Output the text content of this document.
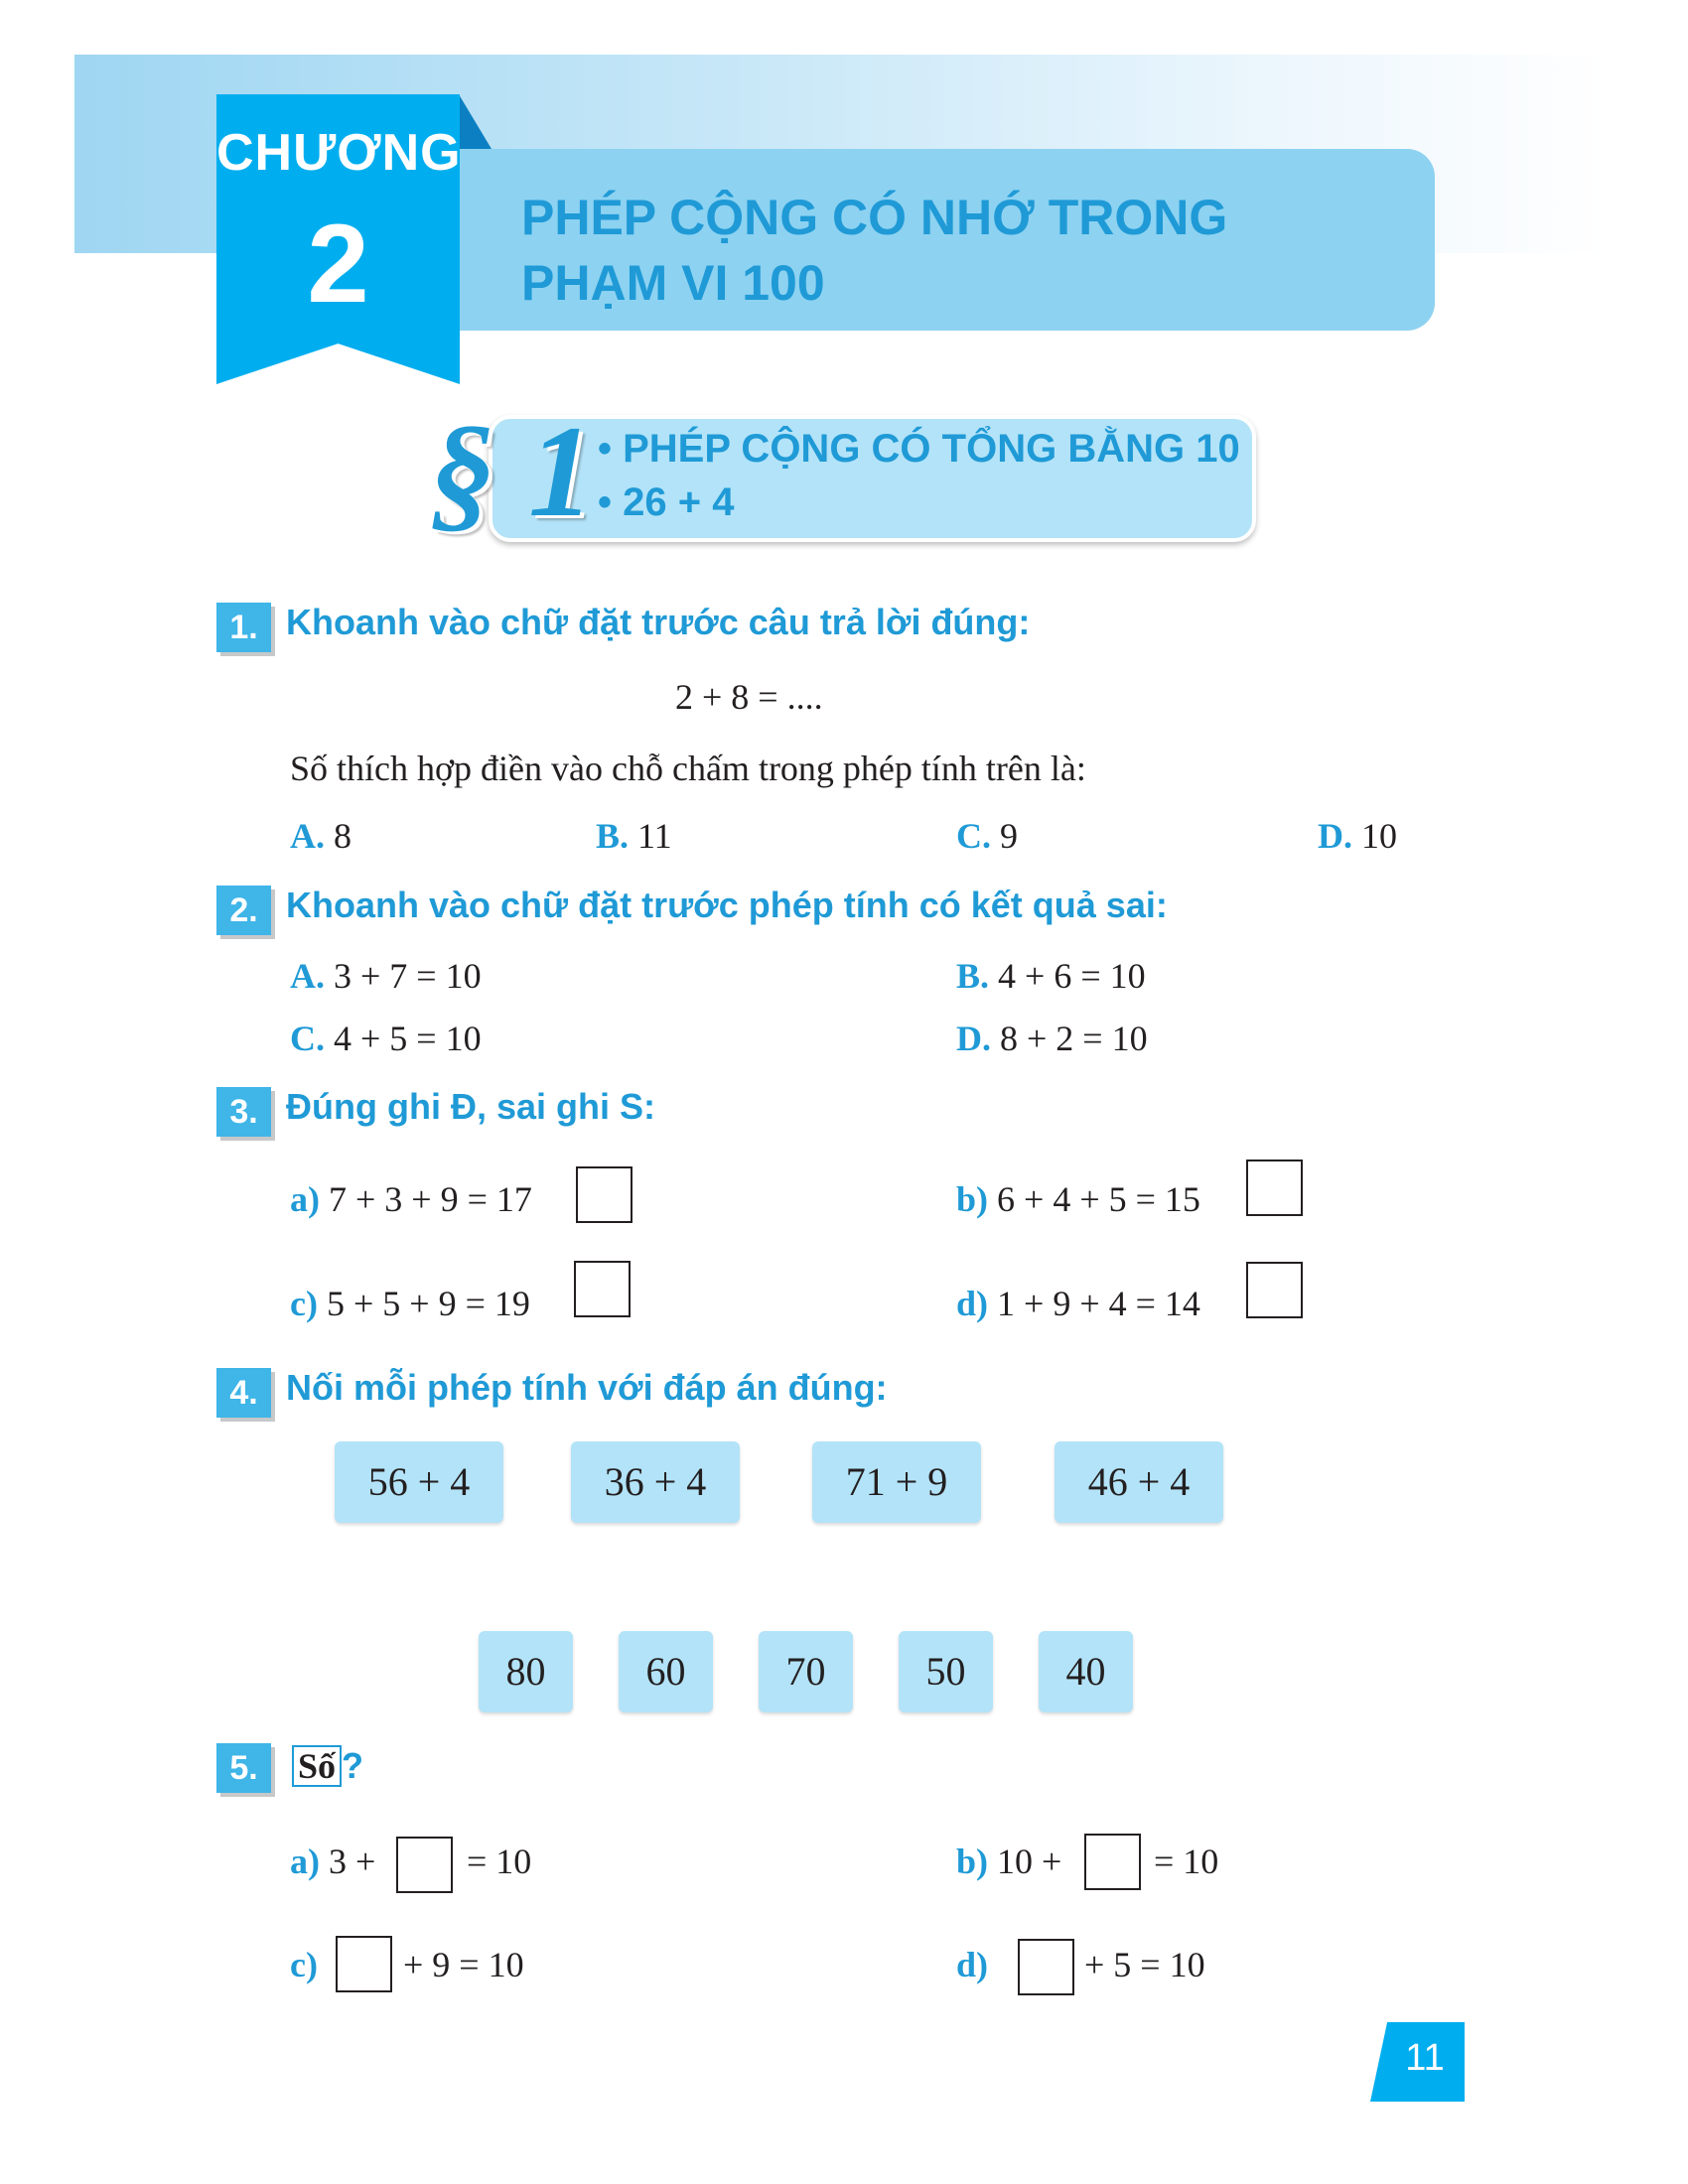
PHÉP CỘNG CÓ NHỚ TRONG
PHẠM VI 100
CHƯƠNG
2
§ 1 • PHÉP CỘNG CÓ TỔNG BẰNG 10
• 26 + 4
1. Khoanh vào chữ đặt trước câu trả lời đúng:
2 + 8 = ....
Số thích hợp điền vào chỗ chấm trong phép tính trên là:
A. 8	B. 11	C. 9	D. 10
2. Khoanh vào chữ đặt trước phép tính có kết quả sai:
A. 3 + 7 = 10	B. 4 + 6 = 10
C. 4 + 5 = 10	D. 8 + 2 = 10
3. Đúng ghi Đ, sai ghi S:
a) 7 + 3 + 9 = 17	b) 6 + 4 + 5 = 15
c) 5 + 5 + 9 = 19	d) 1 + 9 + 4 = 14
4. Nối mỗi phép tính với đáp án đúng:
56 + 4	36 + 4	71 + 9	46 + 4
80	60	70	50	40
5.	Số ?
a) 3 +	= 10	b) 10 +	= 10
c) + 9 = 10	d)	+ 5 = 10
11
